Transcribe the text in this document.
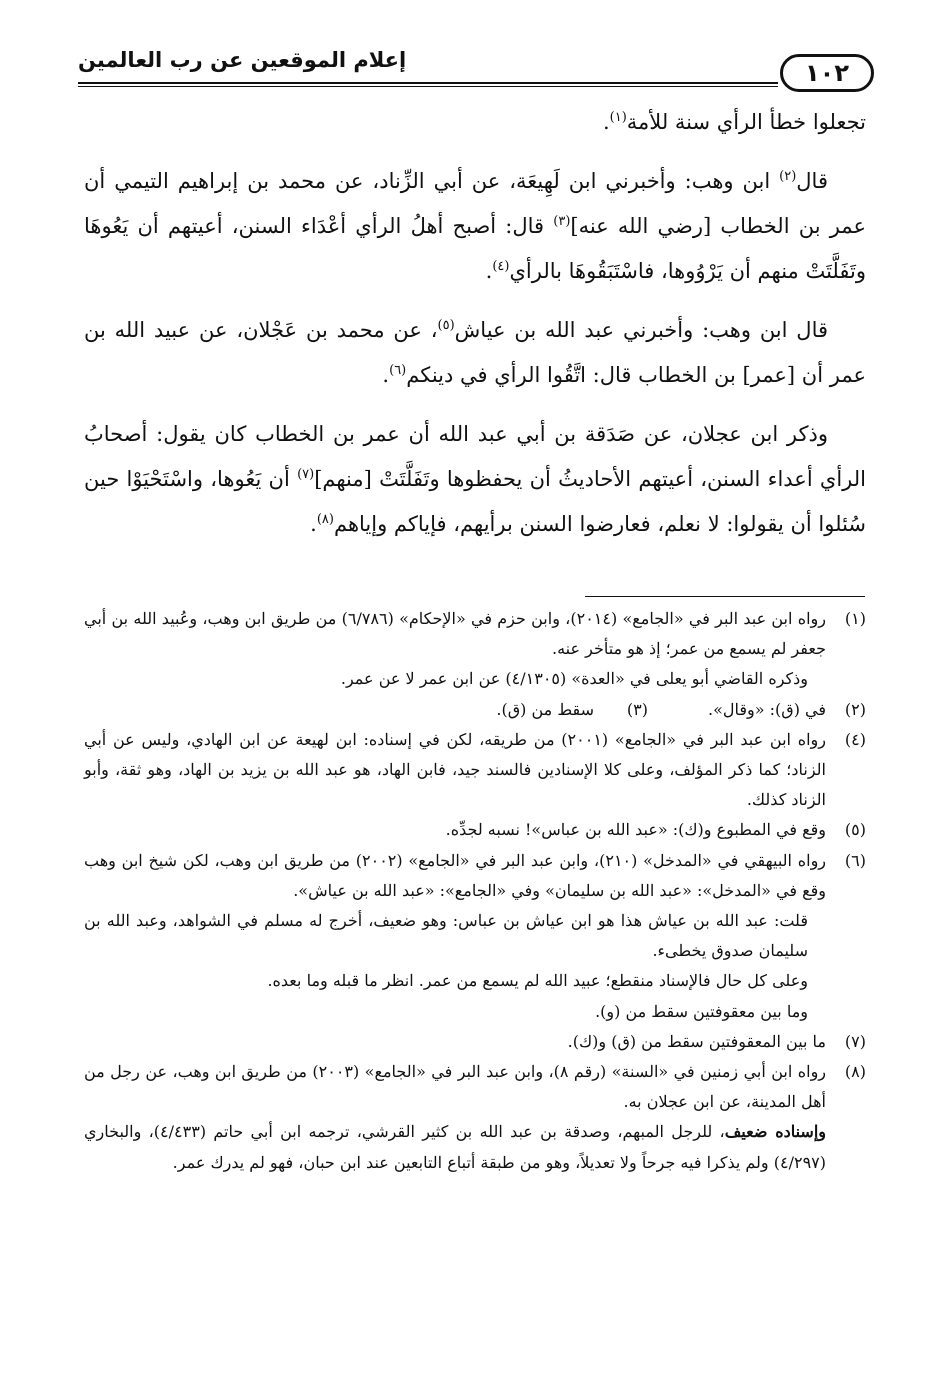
إعلام الموقعين عن رب العالمين	١٠٢

تجعلوا خطأ الرأي سنة للأمة$^{(١)}$.

قال$^{(٢)}$ ابن وهب: وأخبرني ابن لَهِيعَة، عن أبي الزِّناد، عن محمد بن إبراهيم التيمي أن عمر بن الخطاب [رضي الله عنه]$^{(٣)}$ قال: أصبح أهلُ الرأي أعْدَاء السنن، أعيتهم أن يَعُوهَا وتَفَلَّتَتْ منهم أن يَرْوُوها، فاسْتَبَقُوهَا بالرأي$^{(٤)}$.

قال ابن وهب: وأخبرني عبد الله بن عياش$^{(٥)}$، عن محمد بن عَجْلان، عن عبيد الله بن عمر أن [عمر] بن الخطاب قال: اتَّقُوا الرأي في دينكم$^{(٦)}$.

وذكر ابن عجلان، عن صَدَقة بن أبي عبد الله أن عمر بن الخطاب كان يقول: أصحابُ الرأي أعداء السنن، أعيتهم الأحاديثُ أن يحفظوها وتَفَلَّتَتْ [منهم]$^{(٧)}$ أن يَعُوها، واسْتَحْيَوْا حين سُئلوا أن يقولوا: لا نعلم، فعارضوا السنن برأيهم، فإياكم وإياهم$^{(٨)}$.

(١)

رواه ابن عبد البر في «الجامع» (٢٠١٤)، وابن حزم في «الإحكام» (٦/٧٨٦) من طريق ابن وهب، وعُبيد الله بن أبي جعفر لم يسمع من عمر؛ إذ هو متأخر عنه.

وذكره القاضي أبو يعلى في «العدة» (٤/١٣٠٥) عن ابن عمر لا عن عمر.

(٢)
في (ق): «وقال».
(٣)
سقط من (ق).
(٤)

رواه ابن عبد البر في «الجامع» (٢٠٠١) من طريقه، لكن في إسناده: ابن لهيعة عن ابن الهادي، وليس عن أبي الزناد؛ كما ذكر المؤلف، وعلى كلا الإسنادين فالسند جيد، فابن الهاد، هو عبد الله بن يزيد بن الهاد، وهو ثقة، وأبو الزناد كذلك.

(٥)

وقع في المطبوع و(ك): «عبد الله بن عباس»! نسبه لجدِّه.

(٦)

رواه البيهقي في «المدخل» (٢١٠)، وابن عبد البر في «الجامع» (٢٠٠٢) من طريق ابن وهب، لكن شيخ ابن وهب وقع في «المدخل»: «عبد الله بن سليمان» وفي «الجامع»: «عبد الله بن عياش».

قلت: عبد الله بن عياش هذا هو ابن عياش بن عباس: وهو ضعيف، أخرج له مسلم في الشواهد، وعبد الله بن سليمان صدوق يخطىء.

وعلى كل حال فالإسناد منقطع؛ عبيد الله لم يسمع من عمر. انظر ما قبله وما بعده.

وما بين معقوفتين سقط من (و).

(٧)

ما بين المعقوفتين سقط من (ق) و(ك).

(٨)

رواه ابن أبي زمنين في «السنة» (رقم ٨)، وابن عبد البر في «الجامع» (٢٠٠٣) من طريق ابن وهب، عن رجل من أهل المدينة، عن ابن عجلان به.

وإسناده ضعيف، للرجل المبهم، وصدقة بن عبد الله بن كثير القرشي، ترجمه ابن أبي حاتم (٤/٤٣٣)، والبخاري (٤/٢٩٧) ولم يذكرا فيه جرحاً ولا تعديلاً، وهو من طبقة أتباع التابعين عند ابن حبان، فهو لم يدرك عمر.
